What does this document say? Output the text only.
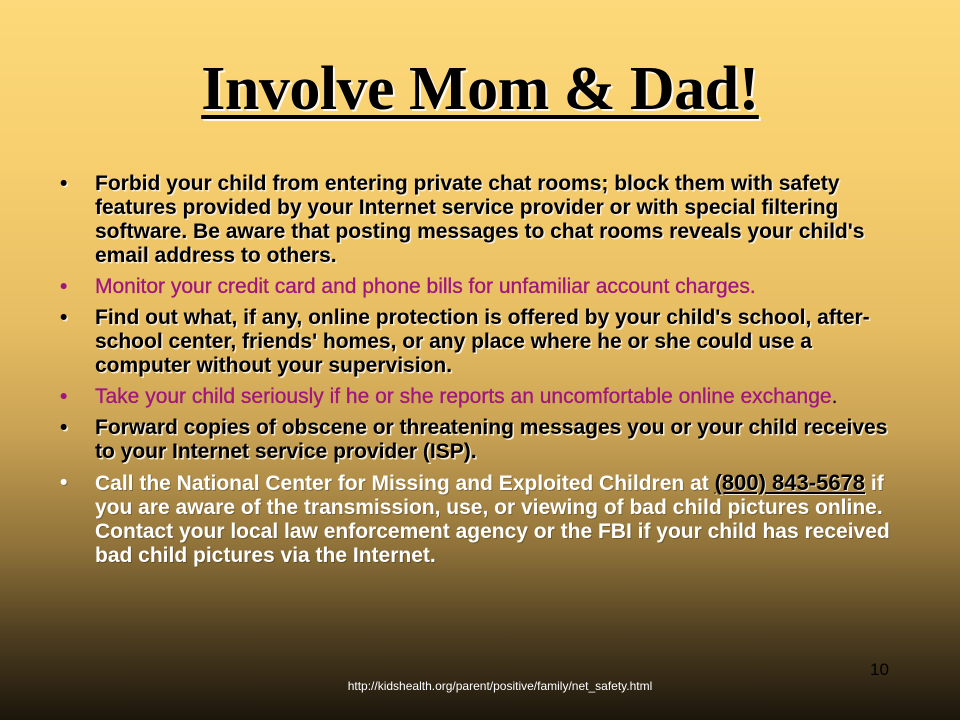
Involve Mom & Dad!
• Forbid your child from entering private chat rooms; block them with safety features provided by your Internet service provider or with special filtering software. Be aware that posting messages to chat rooms reveals your child's email address to others.
• Monitor your credit card and phone bills for unfamiliar account charges.
• Find out what, if any, online protection is offered by your child's school, after-school center, friends' homes, or any place where he or she could use a computer without your supervision.
• Take your child seriously if he or she reports an uncomfortable online exchange.
• Forward copies of obscene or threatening messages you or your child receives to your Internet service provider (ISP).
• Call the National Center for Missing and Exploited Children at (800) 843-5678 if you are aware of the transmission, use, or viewing of bad child pictures online. Contact your local law enforcement agency or the FBI if your child has received bad child pictures via the Internet.
10
http://kidshealth.org/parent/positive/family/net_safety.html
